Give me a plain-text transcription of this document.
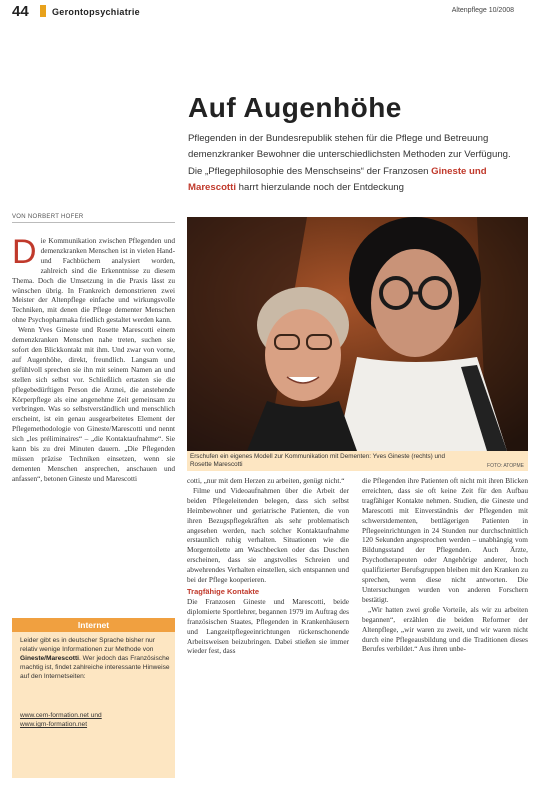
44	Gerontopsychiatrie	Altenpflege 10/2008
Auf Augenhöhe
Pflegenden in der Bundesrepublik stehen für die Pflege und Betreuung demenzkranker Bewohner die unterschiedlichsten Methoden zur Verfügung. Die „Pflegephilosophie des Menschseins“ der Franzosen Gineste und Marescotti harrt hierzulande noch der Entdeckung
VON NORBERT HOFER
D ie Kommunikation zwischen Pflegenden und demenzkranken Menschen ist in vielen Hand- und Fachbüchern analysiert worden, zahlreich sind die Erkenntnisse zu diesem Thema. Doch die Umsetzung in die Praxis lässt zu wünschen übrig. In Frankreich demonstrieren zwei Meister der Altenpflege einfache und wirkungsvolle Techniken, mit denen die Pflege dementer Menschen ohne Psychopharmaka friedlich gestaltet werden kann.

Wenn Yves Gineste und Rosette Marescotti einem demenzkranken Menschen nahe treten, suchen sie sofort den Blickkontakt mit ihm. Und zwar von vorne, auf Augenhöhe, direkt, freundlich. Langsam und gefühlvoll sprechen sie ihn mit seinem Namen an und stellen sich selbst vor. Schließlich ertasten sie die pflegebedürftigen Person die Arznei, die anstehende Körperpflege als eine angenehme Zeit gemeinsam zu verbringen. Was so selbstverständlich und menschlich erscheint, ist ein genau ausgearbeitetes Element der Pflegemethodologie von Gineste/Marescotti und nennt sich „les préliminaires“ – „die Kontaktaufnahme“. Sie kann bis zu drei Minuten dauern. „Die Pflegenden müssen präzise Techniken einsetzen, wenn sie dementen Menschen ansprechen, anschauen und anfassen“, betonen Gineste und Marescotti

Erschufen ein eigenes Modell zur Kommunikation mit Dementen: Yves Gineste (rechts) und Rosette Marescotti	FOTO: ATOPME

cotti, „nur mit dem Herzen zu arbeiten, genügt nicht.“

Filme und Videoaufnahmen über die Arbeit der beiden Pflegeleitenden belegen, dass sich selbst Heimbewohner und geriatrische Patienten, die von ihren Bezugspflegekräften als sehr problematisch angesehen werden, nach solcher Kontaktaufnahme erstaunlich ruhig verhalten. Situationen wie die Morgentoilette am Waschbecken oder das Duschen erscheinen, dass sie angstvolles Schreien und abwehrendes Verhalten einstellen, sich entspannen und bei der Pflege kooperieren.

Tragfähige Kontakte

Die Franzosen Gineste und Marescotti, beide diplomierte Sportlehrer, begannen 1979 im Auftrag des französischen Staates, Pflegenden in Krankenhäusern und Langzeitpflegeeinrichtungen rückenschonende Arbeitsweisen beizubringen. Dabei stießen sie immer wieder fest, dass

die Pflegenden ihre Patienten oft nicht mit ihren Blicken erreichten, dass sie oft keine Zeit für den Aufbau tragfähiger Kontakte nehmen. Studien, die Gineste und Marescotti mit Einverständnis der Pflegenden mit schwerstdementen, bettlägerigen Patienten in Pflegeeinrichtungen in 24 Stunden nur durchschnittlich 120 Sekunden angesprochen werden – unabhängig vom Bildungsstand der Pflegenden. Auch Ärzte, Psychotherapeuten oder Angehörige anderer, hoch qualifizierter Berufsgruppen bleiben mit den Kranken zu sprechen, wenn diese nicht antworten. Die Untersuchungen wurden von anderen Forschern bestätigt.

„Wir hatten zwei große Vorteile, als wir zu arbeiten begannen“, erzählen die beiden Reformer der Altenpflege, „wir waren zu zweit, und wir waren nicht durch eine Pflegeausbildung und die Traditionen dieses Berufes verbildet.“ Aus ihren unbe-

Internet
Leider gibt es in deutscher Sprache bisher nur relativ wenige Informationen zur Methode von Gineste/Marescotti. Wer jedoch das Französische machtig ist, findet zahlreiche interessante Hinweise auf den Internetseiten:
www.cem-formation.net und
www.igm-formation.net
